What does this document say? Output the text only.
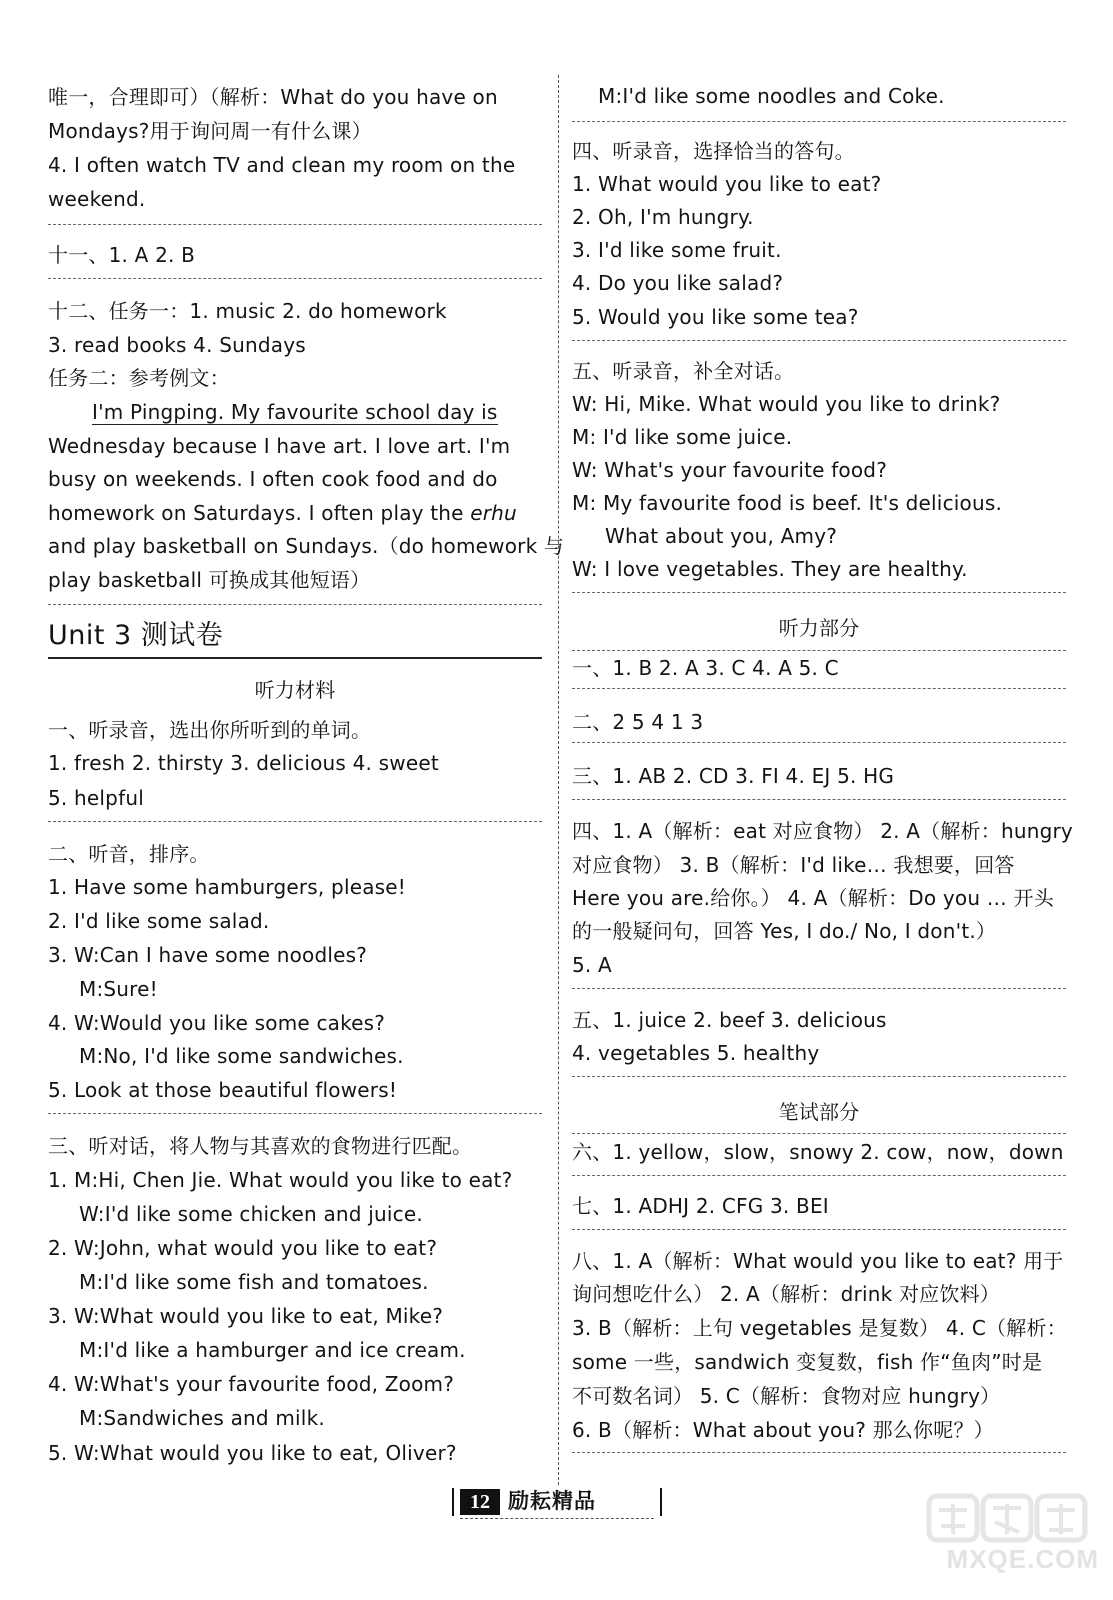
唯一，合理即可）（解析：What do you have on
Mondays?用于询问周一有什么课）
4. I often watch TV and clean my room on the
weekend.
十一、1. A 2. B
十二、任务一：1. music 2. do homework
3. read books 4. Sundays
任务二：参考例文：
I'm Pingping. My favourite school day is
Wednesday because I have art. I love art. I'm
busy on weekends. I often cook food and do
homework on Saturdays. I often play the erhu
and play basketball on Sundays.（do homework 与
play basketball 可换成其他短语）
Unit 3 测试卷
听力材料
一、听录音，选出你所听到的单词。
1. fresh 2. thirsty 3. delicious 4. sweet
5. helpful
二、听音，排序。
1. Have some hamburgers, please!
2. I'd like some salad.
3. W:Can I have some noodles?
M:Sure!
4. W:Would you like some cakes?
M:No, I'd like some sandwiches.
5. Look at those beautiful flowers!
三、听对话，将人物与其喜欢的食物进行匹配。
1. M:Hi, Chen Jie. What would you like to eat?
W:I'd like some chicken and juice.
2. W:John, what would you like to eat?
M:I'd like some fish and tomatoes.
3. W:What would you like to eat, Mike?
M:I'd like a hamburger and ice cream.
4. W:What's your favourite food, Zoom?
M:Sandwiches and milk.
5. W:What would you like to eat, Oliver?
M:I'd like some noodles and Coke.
四、听录音，选择恰当的答句。
1. What would you like to eat?
2. Oh, I'm hungry.
3. I'd like some fruit.
4. Do you like salad?
5. Would you like some tea?
五、听录音，补全对话。
W: Hi, Mike. What would you like to drink?
M: I'd like some juice.
W: What's your favourite food?
M: My favourite food is beef. It's delicious.
What about you, Amy?
W: I love vegetables. They are healthy.
听力部分
一、1. B 2. A 3. C 4. A 5. C
二、2 5 4 1 3
三、1. AB 2. CD 3. FI 4. EJ 5. HG
四、1. A（解析：eat 对应食物） 2. A（解析：hungry
对应食物） 3. B（解析：I'd like… 我想要，回答
Here you are.给你。） 4. A（解析：Do you … 开头
的一般疑问句，回答 Yes, I do./ No, I don't.）
5. A
五、1. juice 2. beef 3. delicious
4. vegetables 5. healthy
笔试部分
六、1. yellow，slow，snowy 2. cow，now，down
七、1. ADHJ 2. CFG 3. BEI
八、1. A（解析：What would you like to eat? 用于
询问想吃什么） 2. A（解析：drink 对应饮料）
3. B（解析：上句 vegetables 是复数） 4. C（解析：
some 一些，sandwich 变复数，fish 作“鱼肉”时是
不可数名词） 5. C（解析：食物对应 hungry）
6. B（解析：What about you? 那么你呢？）
12 励耘精品
MXQE.COM
